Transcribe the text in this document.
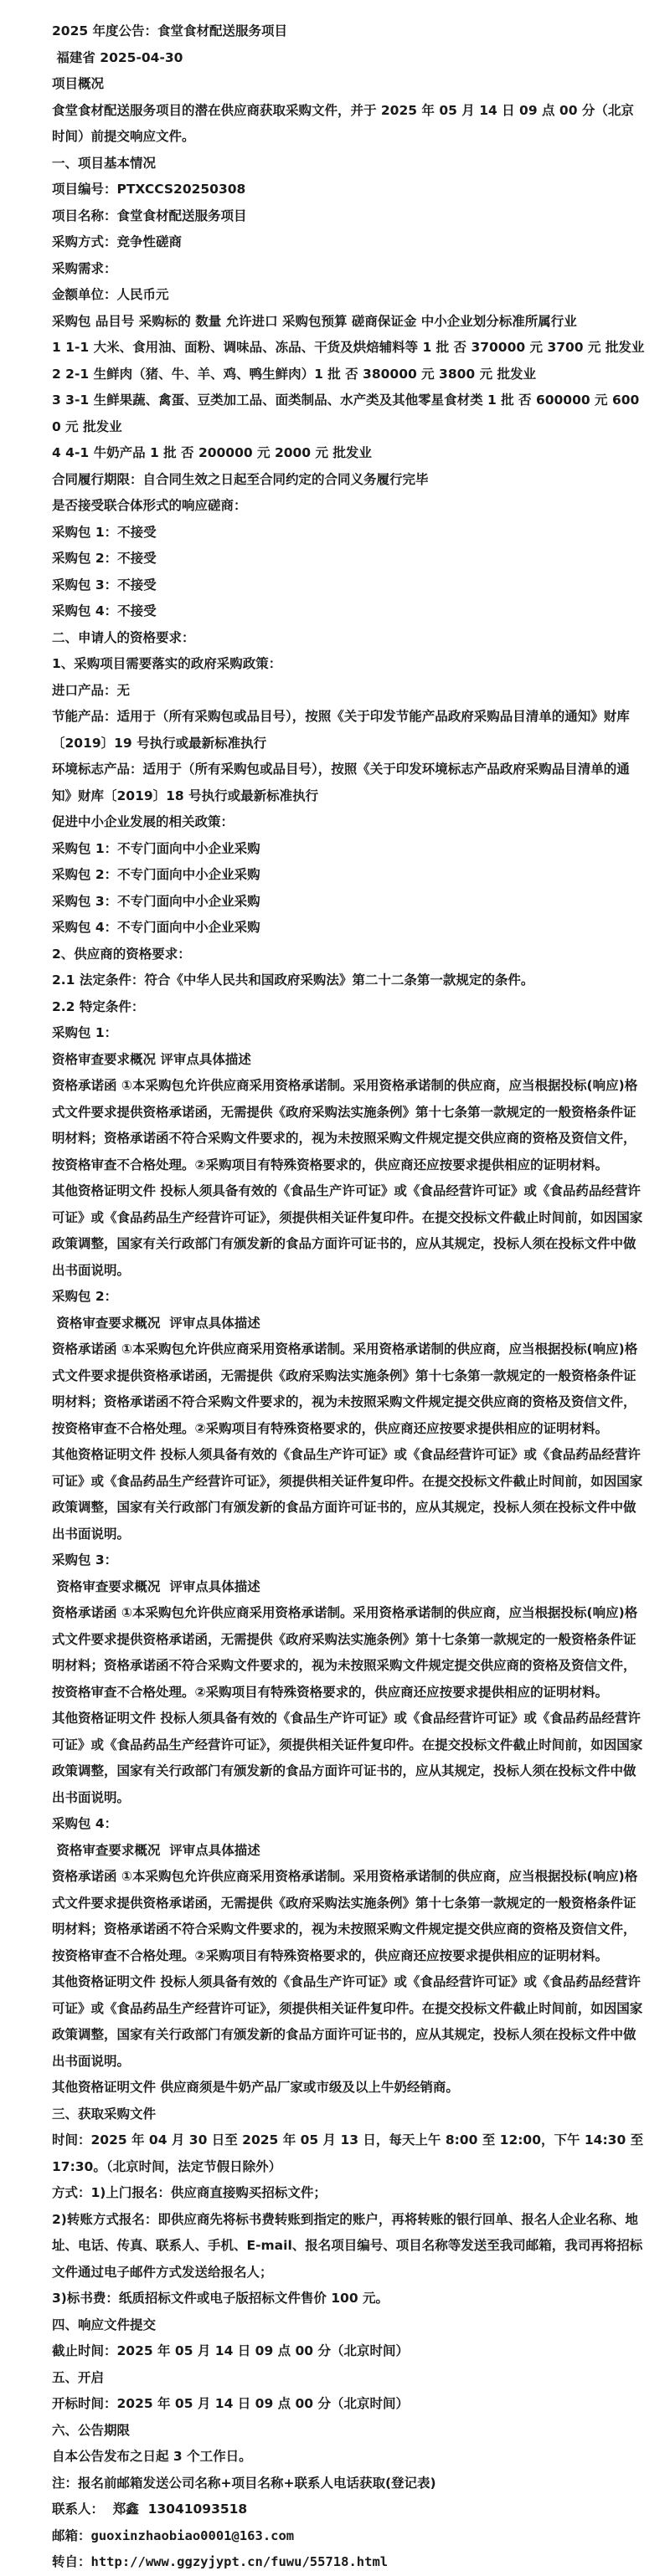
2025 年度公告：食堂食材配送服务项目
福建省 2025-04-30
项目概况
食堂食材配送服务项目的潜在供应商获取采购文件，并于 2025 年 05 月 14 日 09 点 00 分（北京时间）前提交响应文件。
一、项目基本情况
项目编号：PTXCCS20250308
项目名称：食堂食材配送服务项目
采购方式：竞争性磋商
采购需求：
金额单位：人民币元
采购包 品目号 采购标的 数量 允许进口 采购包预算 磋商保证金 中小企业划分标准所属行业
1 1-1 大米、食用油、面粉、调味品、冻品、干货及烘焙辅料等 1 批 否 370000 元 3700 元 批发业
2 2-1 生鲜肉（猪、牛、羊、鸡、鸭生鲜肉）1 批 否 380000 元 3800 元 批发业
3 3-1 生鲜果蔬、禽蛋、豆类加工品、面类制品、水产类及其他零星食材类 1 批 否 600000 元 6000 元 批发业
4 4-1 牛奶产品 1 批 否 200000 元 2000 元 批发业
合同履行期限：自合同生效之日起至合同约定的合同义务履行完毕
是否接受联合体形式的响应磋商：
采购包 1：不接受
采购包 2：不接受
采购包 3：不接受
采购包 4：不接受
二、申请人的资格要求：
1、采购项目需要落实的政府采购政策：
进口产品：无
节能产品：适用于（所有采购包或品目号），按照《关于印发节能产品政府采购品目清单的通知》财库〔2019〕19 号执行或最新标准执行
环境标志产品：适用于（所有采购包或品目号），按照《关于印发环境标志产品政府采购品目清单的通知》财库〔2019〕18 号执行或最新标准执行
促进中小企业发展的相关政策：
采购包 1：不专门面向中小企业采购
采购包 2：不专门面向中小企业采购
采购包 3：不专门面向中小企业采购
采购包 4：不专门面向中小企业采购
2、供应商的资格要求：
2.1 法定条件：符合《中华人民共和国政府采购法》第二十二条第一款规定的条件。
2.2 特定条件：
采购包 1：
资格审查要求概况 评审点具体描述
资格承诺函 ①本采购包允许供应商采用资格承诺制。采用资格承诺制的供应商，应当根据投标(响应)格式文件要求提供资格承诺函，无需提供《政府采购法实施条例》第十七条第一款规定的一般资格条件证明材料；资格承诺函不符合采购文件要求的，视为未按照采购文件规定提交供应商的资格及资信文件，按资格审查不合格处理。②采购项目有特殊资格要求的，供应商还应按要求提供相应的证明材料。
其他资格证明文件 投标人须具备有效的《食品生产许可证》或《食品经营许可证》或《食品药品经营许可证》或《食品药品生产经营许可证》，须提供相关证件复印件。在提交投标文件截止时间前，如因国家政策调整，国家有关行政部门有颁发新的食品方面许可证书的，应从其规定，投标人须在投标文件中做出书面说明。
采购包 2：
资格审查要求概况  评审点具体描述
资格承诺函 ①本采购包允许供应商采用资格承诺制。采用资格承诺制的供应商，应当根据投标(响应)格式文件要求提供资格承诺函，无需提供《政府采购法实施条例》第十七条第一款规定的一般资格条件证明材料；资格承诺函不符合采购文件要求的，视为未按照采购文件规定提交供应商的资格及资信文件，按资格审查不合格处理。②采购项目有特殊资格要求的，供应商还应按要求提供相应的证明材料。
其他资格证明文件 投标人须具备有效的《食品生产许可证》或《食品经营许可证》或《食品药品经营许可证》或《食品药品生产经营许可证》，须提供相关证件复印件。在提交投标文件截止时间前，如因国家政策调整，国家有关行政部门有颁发新的食品方面许可证书的，应从其规定，投标人须在投标文件中做出书面说明。
采购包 3：
资格审查要求概况  评审点具体描述
资格承诺函 ①本采购包允许供应商采用资格承诺制。采用资格承诺制的供应商，应当根据投标(响应)格式文件要求提供资格承诺函，无需提供《政府采购法实施条例》第十七条第一款规定的一般资格条件证明材料；资格承诺函不符合采购文件要求的，视为未按照采购文件规定提交供应商的资格及资信文件，按资格审查不合格处理。②采购项目有特殊资格要求的，供应商还应按要求提供相应的证明材料。
其他资格证明文件 投标人须具备有效的《食品生产许可证》或《食品经营许可证》或《食品药品经营许可证》或《食品药品生产经营许可证》，须提供相关证件复印件。在提交投标文件截止时间前，如因国家政策调整，国家有关行政部门有颁发新的食品方面许可证书的，应从其规定，投标人须在投标文件中做出书面说明。
采购包 4：
资格审查要求概况  评审点具体描述
资格承诺函 ①本采购包允许供应商采用资格承诺制。采用资格承诺制的供应商，应当根据投标(响应)格式文件要求提供资格承诺函，无需提供《政府采购法实施条例》第十七条第一款规定的一般资格条件证明材料；资格承诺函不符合采购文件要求的，视为未按照采购文件规定提交供应商的资格及资信文件，按资格审查不合格处理。②采购项目有特殊资格要求的，供应商还应按要求提供相应的证明材料。
其他资格证明文件 投标人须具备有效的《食品生产许可证》或《食品经营许可证》或《食品药品经营许可证》或《食品药品生产经营许可证》，须提供相关证件复印件。在提交投标文件截止时间前，如因国家政策调整，国家有关行政部门有颁发新的食品方面许可证书的，应从其规定，投标人须在投标文件中做出书面说明。
其他资格证明文件 供应商须是牛奶产品厂家或市级及以上牛奶经销商。
三、获取采购文件
时间：2025 年 04 月 30 日至 2025 年 05 月 13 日，每天上午 8:00 至 12:00，下午 14:30 至 17:30。（北京时间，法定节假日除外）
方式：1)上门报名：供应商直接购买招标文件；
2)转账方式报名：即供应商先将标书费转账到指定的账户，再将转账的银行回单、报名人企业名称、地址、电话、传真、联系人、手机、E-mail、报名项目编号、项目名称等发送至我司邮箱，我司再将招标文件通过电子邮件方式发送给报名人；
3)标书费：纸质招标文件或电子版招标文件售价 100 元。
四、响应文件提交
截止时间：2025 年 05 月 14 日 09 点 00 分（北京时间）
五、开启
开标时间：2025 年 05 月 14 日 09 点 00 分（北京时间）
六、公告期限
自本公告发布之日起 3 个工作日。
注：报名前邮箱发送公司名称+项目名称+联系人电话获取(登记表)
联系人：  郑鑫  13041093518
邮箱：guoxinzhaobiao0001@163.com
转自：http://www.ggzyjypt.cn/fuwu/55718.html
